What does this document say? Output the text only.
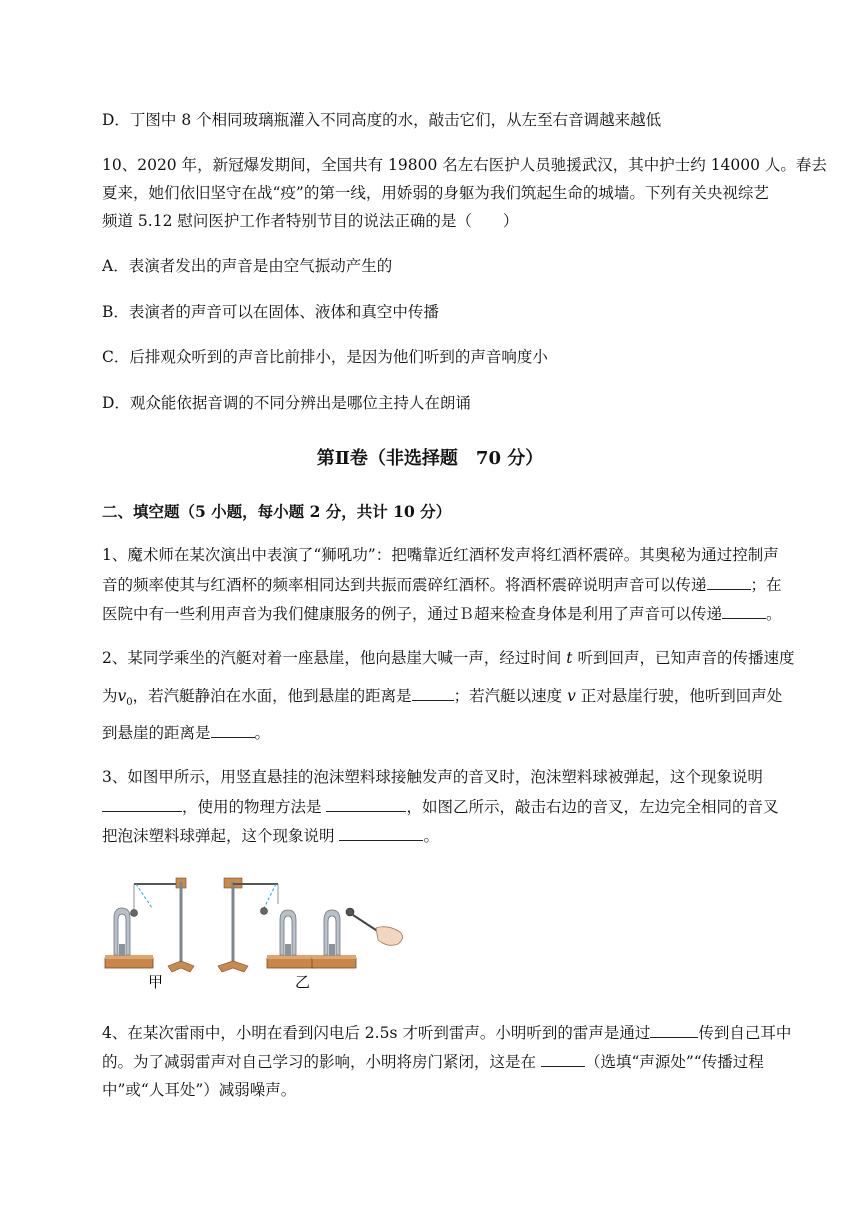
D．丁图中 8 个相同玻璃瓶灌入不同高度的水，敲击它们，从左至右音调越来越低
10、2020 年，新冠爆发期间，全国共有 19800 名左右医护人员驰援武汉，其中护士约 14000 人。春去
夏来，她们依旧坚守在战“疫”的第一线，用娇弱的身躯为我们筑起生命的城墙。下列有关央视综艺
频道 5.12 慰问医护工作者特别节目的说法正确的是（　　）
A．表演者发出的声音是由空气振动产生的
B．表演者的声音可以在固体、液体和真空中传播
C．后排观众听到的声音比前排小，是因为他们听到的声音响度小
D．观众能依据音调的不同分辨出是哪位主持人在朗诵
第Ⅱ卷（非选择题　70 分）
二、填空题（5 小题，每小题 2 分，共计 10 分）
1、魔术师在某次演出中表演了“狮吼功”：把嘴靠近红酒杯发声将红酒杯震碎。其奥秘为通过控制声
音的频率使其与红酒杯的频率相同达到共振而震碎红酒杯。将酒杯震碎说明声音可以传递	；在
医院中有一些利用声音为我们健康服务的例子，通过Ｂ超来检查身体是利用了声音可以传递	。
2、某同学乘坐的汽艇对着一座悬崖，他向悬崖大喊一声，经过时间 t 听到回声，已知声音的传播速度
为$v_0$，若汽艇静泊在水面，他到悬崖的距离是	；若汽艇以速度 v 正对悬崖行驶，他听到回声处
到悬崖的距离是	。
3、如图甲所示，用竖直悬挂的泡沫塑料球接触发声的音叉时，泡沫塑料球被弹起，这个现象说明
，使用的物理方法是	，如图乙所示，敲击右边的音叉，左边完全相同的音叉
把泡沫塑料球弹起，这个现象说明	。
甲	乙
4、在某次雷雨中，小明在看到闪电后 2.5s 才听到雷声。小明听到的雷声是通过	传到自己耳中
的。为了减弱雷声对自己学习的影响，小明将房门紧闭，这是在	（选填“声源处”“传播过程
中”或“人耳处”）减弱噪声。
